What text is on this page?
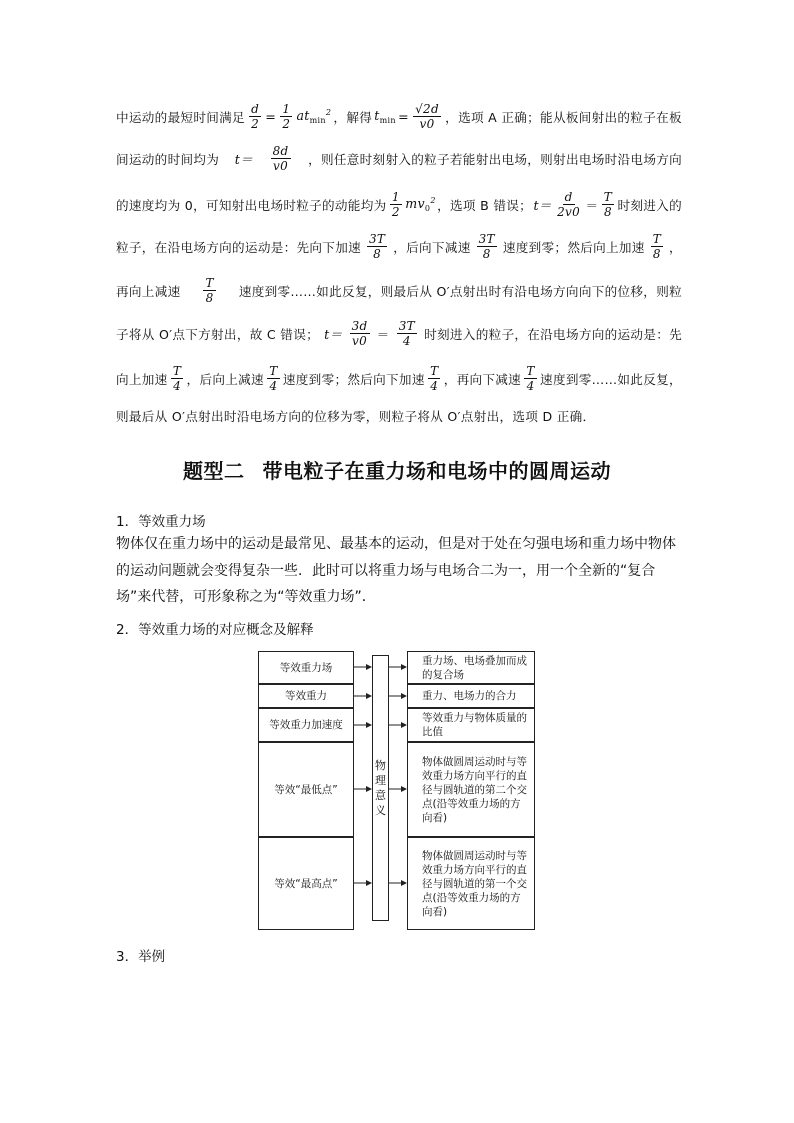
中运动的最短时间满足 $\frac{d}{2} = \frac{1}{2} at_{min}^2$ ，解得 $t_{min} = \frac{√2d}{v0}$ ，选项 A 正确；能从板间射出的粒子在板
间运动的时间均为 $t= \frac{8d}{v0}$ ，则任意时刻射入的粒子若能射出电场，则射出电场时沿电场方向
的速度均为 0，可知射出电场时粒子的动能均为 $\frac{1}{2} mv_0^2$ ，选项 B 错误； $t= \frac{d}{2v0} = \frac{T}{8}$ 时刻进入的
粒子，在沿电场方向的运动是：先向下加速 $\frac{3T}{8}$ ，后向下减速 $\frac{3T}{8}$ 速度到零；然后向上加速 $\frac{T}{8}$ ，
再向上减速 $\frac{T}{8}$ 速度到零……如此反复，则最后从 O′点射出时有沿电场方向向下的位移，则粒
子将从 O′点下方射出，故 C 错误； $t= \frac{3d}{v0} = \frac{3T}{4}$ 时刻进入的粒子，在沿电场方向的运动是：先
向上加速 $\frac{T}{4}$ ，后向上减速 $\frac{T}{4}$ 速度到零；然后向下加速 $\frac{T}{4}$ ，再向下减速 $\frac{T}{4}$ 速度到零……如此反复，
则最后从 O′点射出时沿电场方向的位移为零，则粒子将从 O′点射出，选项 D 正确．
题型二 带电粒子在重力场和电场中的圆周运动
1．等效重力场
物体仅在重力场中的运动是最常见、最基本的运动，但是对于处在匀强电场和重力场中物体的运动问题就会变得复杂一些．此时可以将重力场与电场合二为一，用一个全新的“复合场”来代替，可形象称之为“等效重力场”．
2．等效重力场的对应概念及解释
等效重力场
等效重力
等效重力加速度
等效“最低点”
等效“最高点”
物理意义
重力场、电场叠加而成的复合场
重力、电场力的合力
等效重力与物体质量的比值
物体做圆周运动时与等效重力场方向平行的直径与圆轨道的第二个交点(沿等效重力场的方向看)
物体做圆周运动时与等效重力场方向平行的直径与圆轨道的第一个交点(沿等效重力场的方向看)
3．举例
